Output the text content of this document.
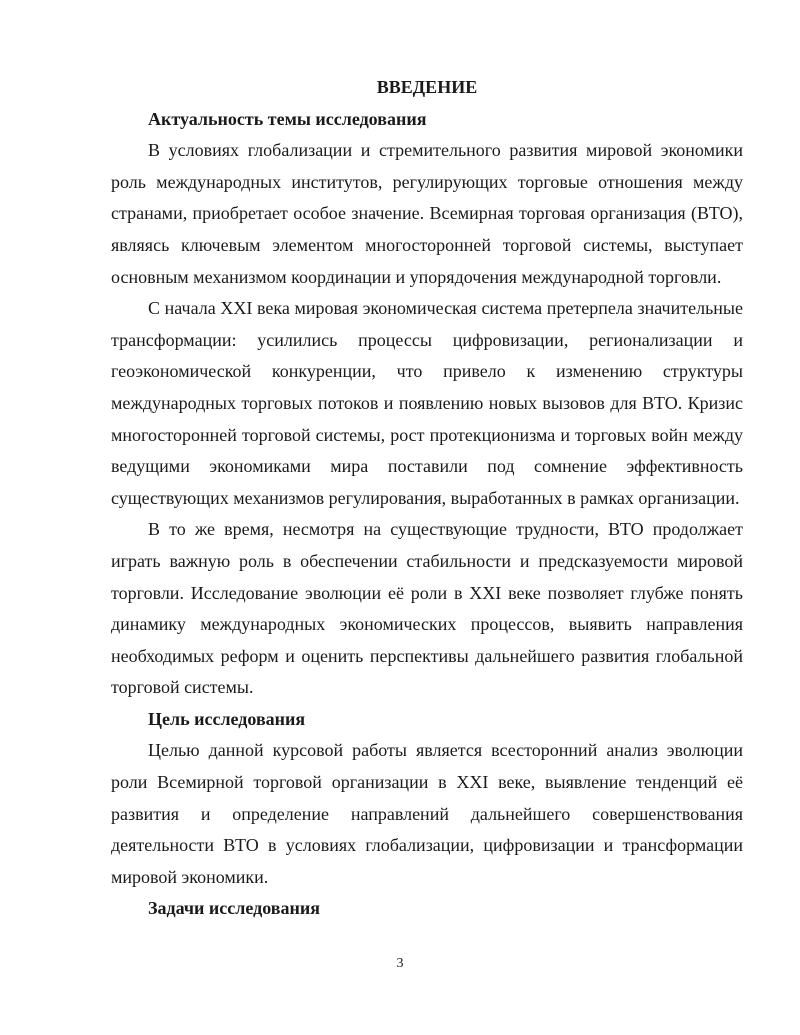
ВВЕДЕНИЕ
Актуальность темы исследования

В условиях глобализации и стремительного развития мировой экономики роль международных институтов, регулирующих торговые отношения между странами, приобретает особое значение. Всемирная торговая организация (ВТО), являясь ключевым элементом многосторонней торговой системы, выступает основным механизмом координации и упорядочения международной торговли.

С начала XXI века мировая экономическая система претерпела значительные трансформации: усилились процессы цифровизации, регионализации и геоэкономической конкуренции, что привело к изменению структуры международных торговых потоков и появлению новых вызовов для ВТО. Кризис многосторонней торговой системы, рост протекционизма и торговых войн между ведущими экономиками мира поставили под сомнение эффективность существующих механизмов регулирования, выработанных в рамках организации.

В то же время, несмотря на существующие трудности, ВТО продолжает играть важную роль в обеспечении стабильности и предсказуемости мировой торговли. Исследование эволюции её роли в XXI веке позволяет глубже понять динамику международных экономических процессов, выявить направления необходимых реформ и оценить перспективы дальнейшего развития глобальной торговой системы.

Цель исследования

Целью данной курсовой работы является всесторонний анализ эволюции роли Всемирной торговой организации в XXI веке, выявление тенденций её развития и определение направлений дальнейшего совершенствования деятельности ВТО в условиях глобализации, цифровизации и трансформации мировой экономики.

Задачи исследования
3
